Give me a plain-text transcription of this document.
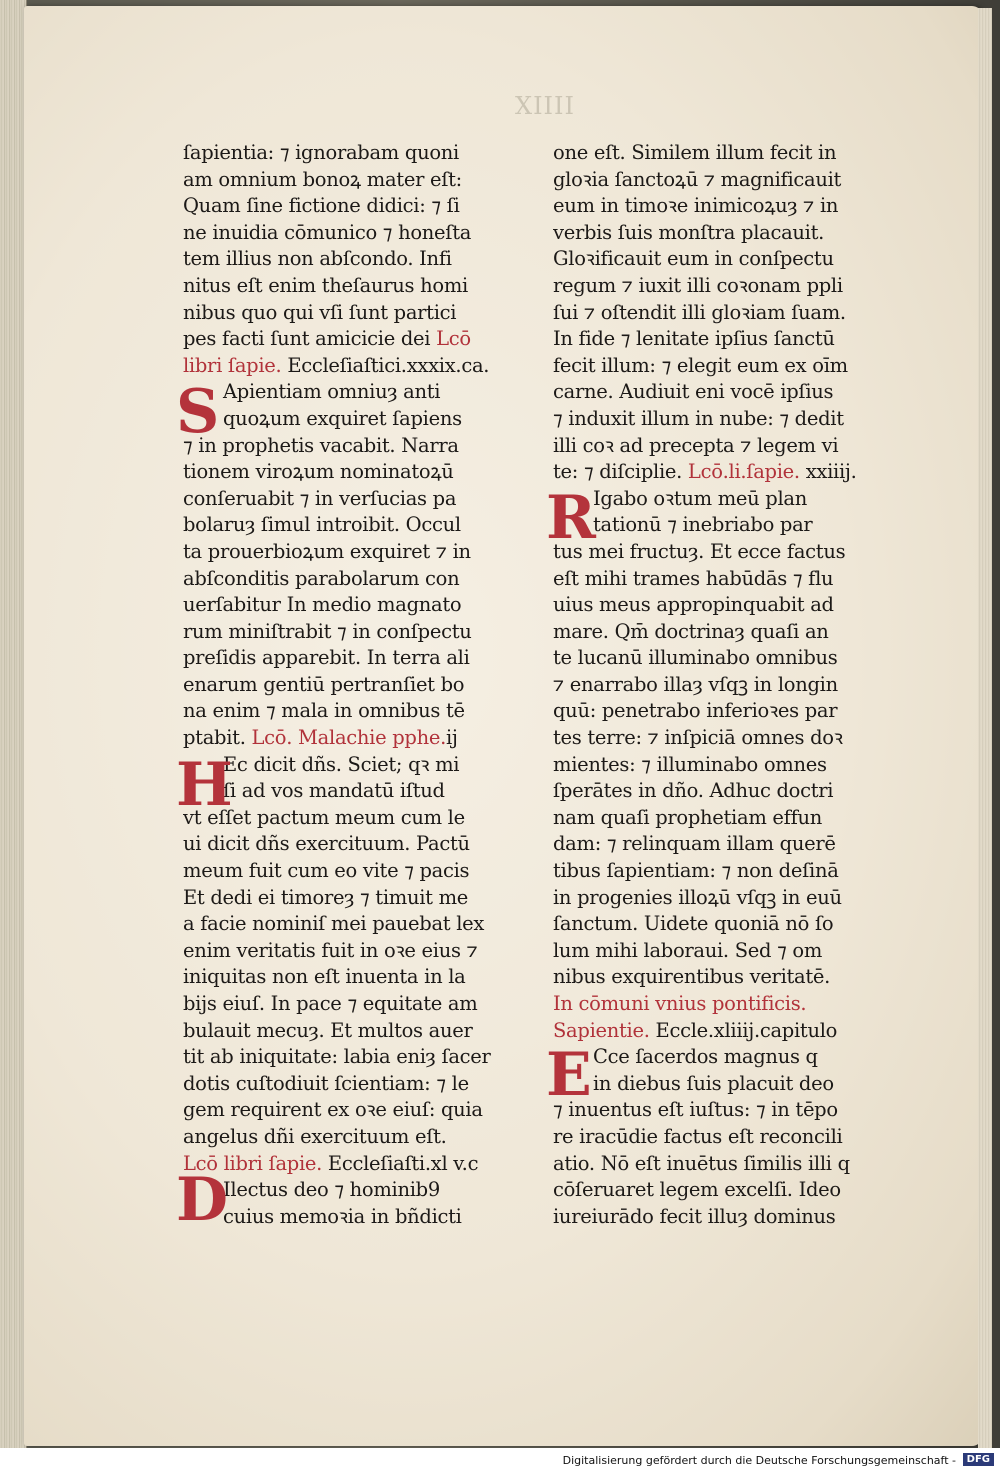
XIIII
ſapientia: ⁊ ignorabam quoni
am omnium bonoꝝ mater eſt:
Quam ſine fictione didici: ⁊ ſi
ne inuidia cōmunico ⁊ honeſta
tem illius non abſcondo. Infi
nitus eſt enim theſaurus homi
nibus quo qui vſi ſunt partici
pes facti ſunt amicicie dei Lcō
libri ſapie. Eccleſiaſtici.xxxix.ca.
Apientiam omniuȝ anti
quoꝝum exquiret ſapiens
⁊ in prophetis vacabit. Narra
tionem viroꝝum nominatoꝝū
conſeruabit ⁊ in verſucias pa
bolaruȝ ſimul introibit. Occul
ta prouerbioꝝum exquiret ⁊ in
abſconditis parabolarum con
uerſabitur In medio magnato
rum miniſtrabit ⁊ in conſpectu
preſidis apparebit. In terra ali
enarum gentiū pertranſiet bo
na enim ⁊ mala in omnibus tē
ptabit. Lcō. Malachie pphe.ij
Ec dicit dñs. Sciet; qꝛ mi
ſi ad vos mandatū iſtud
vt eſſet pactum meum cum le
ui dicit dñs exercituum. Pactū
meum fuit cum eo vite ⁊ pacis
Et dedi ei timoreȝ ⁊ timuit me
a facie nominiſ mei pauebat lex
enim veritatis fuit in oꝛe eius ⁊
iniquitas non eſt inuenta in la
bijs eiuſ. In pace ⁊ equitate am
bulauit mecuȝ. Et multos auer
tit ab iniquitate: labia eniȝ ſacer
dotis cuſtodiuit ſcientiam: ⁊ le
gem requirent ex oꝛe eiuſ: quia
angelus dñi exercituum eſt.
Lcō libri ſapie. Eccleſiaſti.xl v.c
Ilectus deo ⁊ hominib9
cuius memoꝛia in bñdicti
one eſt. Similem illum fecit in
gloꝛia ſanctoꝝū ⁊ magnificauit
eum in timoꝛe inimicoꝝuȝ ⁊ in
verbis ſuis monſtra placauit.
Gloꝛificauit eum in conſpectu
regum ⁊ iuxit illi coꝛonam ppli
ſui ⁊ oſtendit illi gloꝛiam ſuam.
In fide ⁊ lenitate ipſius ſanctū
fecit illum: ⁊ elegit eum ex oīm
carne. Audiuit eni vocē ipſius
⁊ induxit illum in nube: ⁊ dedit
illi coꝛ ad precepta ⁊ legem vi
te: ⁊ diſciplie. Lcō.li.ſapie. xxiiij.
Igabo oꝛtum meū plan
tationū ⁊ inebriabo par
tus mei fructuȝ. Et ecce factus
eſt mihi trames habūdās ⁊ flu
uius meus appropinquabit ad
mare. Qm̄ doctrinaȝ quaſi an
te lucanū illuminabo omnibus
⁊ enarrabo illaȝ vſqꝫ in longin
quū: penetrabo inferioꝛes par
tes terre: ⁊ inſpiciā omnes doꝛ
mientes: ⁊ illuminabo omnes
ſperātes in dño. Adhuc doctri
nam quaſi prophetiam effun
dam: ⁊ relinquam illam querē
tibus ſapientiam: ⁊ non deſinā
in progenies illoꝝū vſqꝫ in euū
ſanctum. Uidete quoniā nō ſo
lum mihi laboraui. Sed ⁊ om
nibus exquirentibus veritatē.
In cōmuni vnius pontificis.
Sapientie. Eccle.xliiij.capitulo
Cce ſacerdos magnus q
in diebus ſuis placuit deo
⁊ inuentus eſt iuſtus: ⁊ in tēpo
re iracūdie factus eſt reconcili
atio. Nō eſt inuētus ſimilis illi q
cōſeruaret legem excelſi. Ideo
iureiurādo fecit illuȝ dominus
S
H
D
R
E
Digitalisierung gefördert durch die Deutsche Forschungsgemeinschaft -	DFG
